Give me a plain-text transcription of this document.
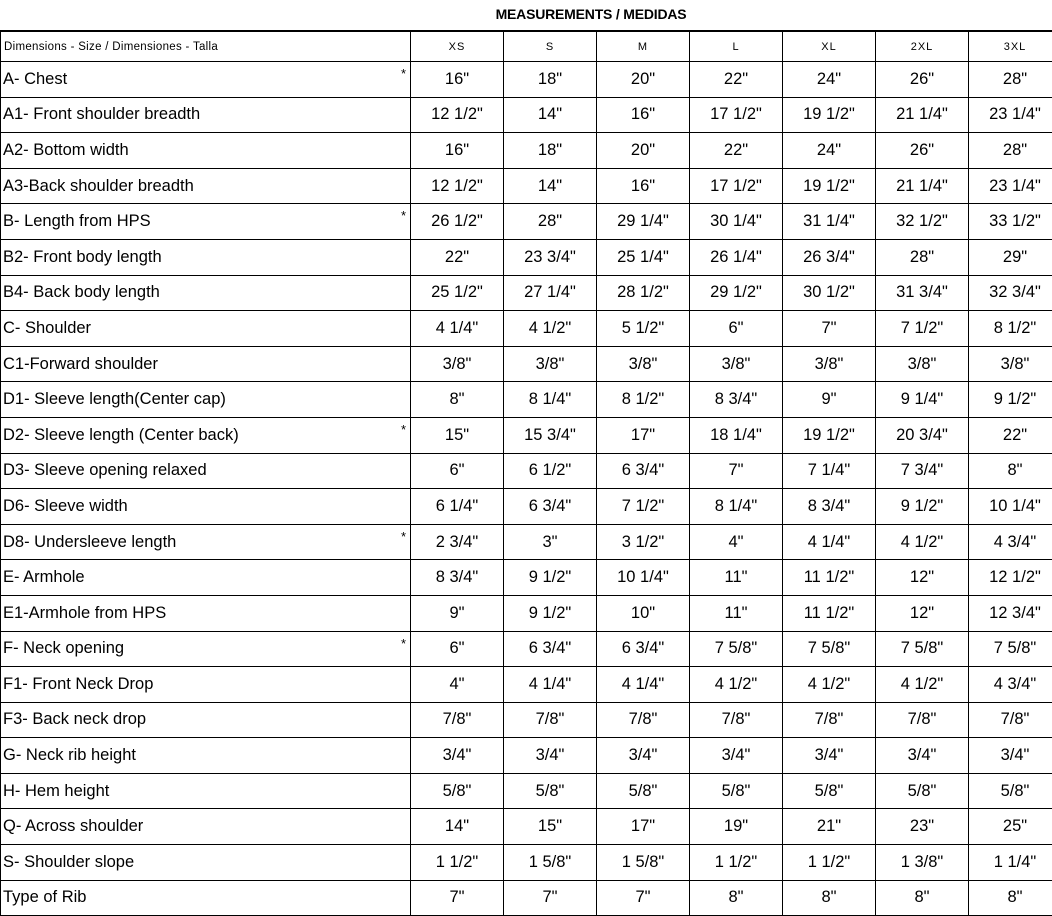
MEASUREMENTS / MEDIDAS
Dimensions - Size / Dimensiones - Talla	XS	S	M	L	XL	2XL	3XL
A- Chest *	16"	18"	20"	22"	24"	26"	28"
A1- Front shoulder breadth	12 1/2"	14"	16"	17 1/2"	19 1/2"	21 1/4"	23 1/4"
A2- Bottom width	16"	18"	20"	22"	24"	26"	28"
A3-Back shoulder breadth	12 1/2"	14"	16"	17 1/2"	19 1/2"	21 1/4"	23 1/4"
B- Length from HPS *	26 1/2"	28"	29 1/4"	30 1/4"	31 1/4"	32 1/2"	33 1/2"
B2- Front body length	22"	23 3/4"	25 1/4"	26 1/4"	26 3/4"	28"	29"
B4- Back body length	25 1/2"	27 1/4"	28 1/2"	29 1/2"	30 1/2"	31 3/4"	32 3/4"
C- Shoulder	4 1/4"	4 1/2"	5 1/2"	6"	7"	7 1/2"	8 1/2"
C1-Forward shoulder	3/8"	3/8"	3/8"	3/8"	3/8"	3/8"	3/8"
D1- Sleeve length(Center cap)	8"	8 1/4"	8 1/2"	8 3/4"	9"	9 1/4"	9 1/2"
D2- Sleeve length (Center back) *	15"	15 3/4"	17"	18 1/4"	19 1/2"	20 3/4"	22"
D3- Sleeve opening relaxed	6"	6 1/2"	6 3/4"	7"	7 1/4"	7 3/4"	8"
D6- Sleeve width	6 1/4"	6 3/4"	7 1/2"	8 1/4"	8 3/4"	9 1/2"	10 1/4"
D8- Undersleeve length *	2 3/4"	3"	3 1/2"	4"	4 1/4"	4 1/2"	4 3/4"
E- Armhole	8 3/4"	9 1/2"	10 1/4"	11"	11 1/2"	12"	12 1/2"
E1-Armhole from HPS	9"	9 1/2"	10"	11"	11 1/2"	12"	12 3/4"
F- Neck opening *	6"	6 3/4"	6 3/4"	7 5/8"	7 5/8"	7 5/8"	7 5/8"
F1- Front Neck Drop	4"	4 1/4"	4 1/4"	4 1/2"	4 1/2"	4 1/2"	4 3/4"
F3- Back neck drop	7/8"	7/8"	7/8"	7/8"	7/8"	7/8"	7/8"
G- Neck rib height	3/4"	3/4"	3/4"	3/4"	3/4"	3/4"	3/4"
H- Hem height	5/8"	5/8"	5/8"	5/8"	5/8"	5/8"	5/8"
Q- Across shoulder	14"	15"	17"	19"	21"	23"	25"
S- Shoulder slope	1 1/2"	1 5/8"	1 5/8"	1 1/2"	1 1/2"	1 3/8"	1 1/4"
Type of Rib	7"	7"	7"	8"	8"	8"	8"
